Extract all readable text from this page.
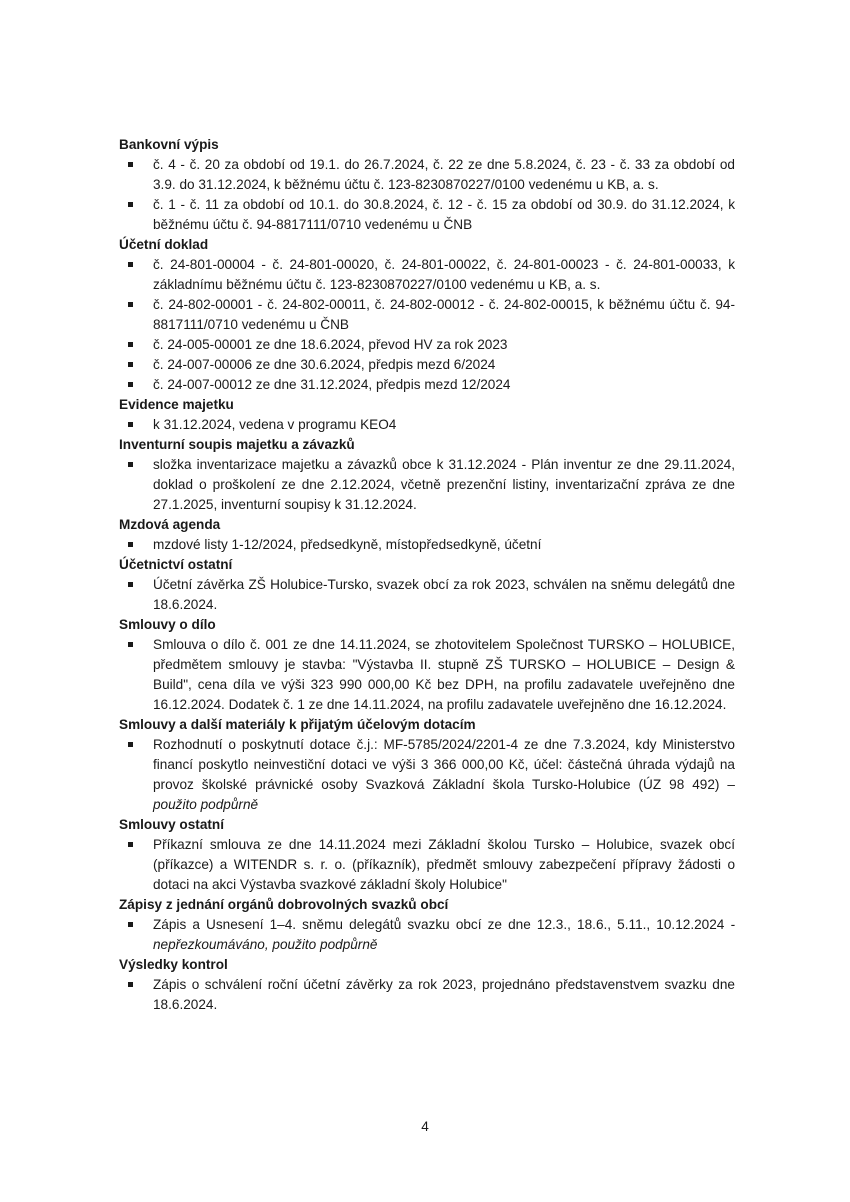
Bankovní výpis
č. 4 - č. 20 za období od 19.1. do 26.7.2024, č. 22 ze dne 5.8.2024, č. 23 - č. 33 za období od 3.9. do 31.12.2024, k běžnému účtu č. 123-8230870227/0100 vedenému u KB, a. s.
č. 1 - č. 11 za období od 10.1. do 30.8.2024, č. 12 - č. 15 za období od 30.9. do 31.12.2024, k běžnému účtu č. 94-8817111/0710 vedenému u ČNB
Účetní doklad
č. 24-801-00004 - č. 24-801-00020, č. 24-801-00022, č. 24-801-00023 - č. 24-801-00033, k základnímu běžnému účtu č. 123-8230870227/0100 vedenému u KB, a. s.
č. 24-802-00001 - č. 24-802-00011, č. 24-802-00012 - č. 24-802-00015, k běžnému účtu č. 94-8817111/0710 vedenému u ČNB
č. 24-005-00001 ze dne 18.6.2024, převod HV za rok 2023
č. 24-007-00006 ze dne 30.6.2024, předpis mezd 6/2024
č. 24-007-00012 ze dne 31.12.2024, předpis mezd 12/2024
Evidence majetku
k 31.12.2024, vedena v programu KEO4
Inventurní soupis majetku a závazků
složka inventarizace majetku a závazků obce k 31.12.2024 - Plán inventur ze dne 29.11.2024, doklad o proškolení ze dne 2.12.2024, včetně prezenční listiny, inventarizační zpráva ze dne 27.1.2025, inventurní soupisy k 31.12.2024.
Mzdová agenda
mzdové listy 1-12/2024, předsedkyně, místopředsedkyně, účetní
Účetnictví ostatní
Účetní závěrka ZŠ Holubice-Tursko, svazek obcí za rok 2023, schválen na sněmu delegátů dne 18.6.2024.
Smlouvy o dílo
Smlouva o dílo č. 001 ze dne 14.11.2024, se zhotovitelem Společnost TURSKO – HOLUBICE, předmětem smlouvy je stavba: "Výstavba II. stupně ZŠ TURSKO – HOLUBICE – Design & Build", cena díla ve výši 323 990 000,00 Kč bez DPH, na profilu zadavatele uveřejněno dne 16.12.2024. Dodatek č. 1 ze dne 14.11.2024, na profilu zadavatele uveřejněno dne 16.12.2024.
Smlouvy a další materiály k přijatým účelovým dotacím
Rozhodnutí o poskytnutí dotace č.j.: MF-5785/2024/2201-4 ze dne 7.3.2024, kdy Ministerstvo financí poskytlo neinvestiční dotaci ve výši 3 366 000,00 Kč, účel: částečná úhrada výdajů na provoz školské právnické osoby Svazková Základní škola Tursko-Holubice (ÚZ 98 492) – použito podpůrně
Smlouvy ostatní
Příkazní smlouva ze dne 14.11.2024 mezi Základní školou Tursko – Holubice, svazek obcí (příkazce) a WITENDR s. r. o. (příkazník), předmět smlouvy zabezpečení přípravy žádosti o dotaci na akci Výstavba svazkové základní školy Holubice"
Zápisy z jednání orgánů dobrovolných svazků obcí
Zápis a Usnesení 1–4. sněmu delegátů svazku obcí ze dne 12.3., 18.6., 5.11., 10.12.2024 - nepřezkoumáváno, použito podpůrně
Výsledky kontrol
Zápis o schválení roční účetní závěrky za rok 2023, projednáno představenstvem svazku dne 18.6.2024.
4
